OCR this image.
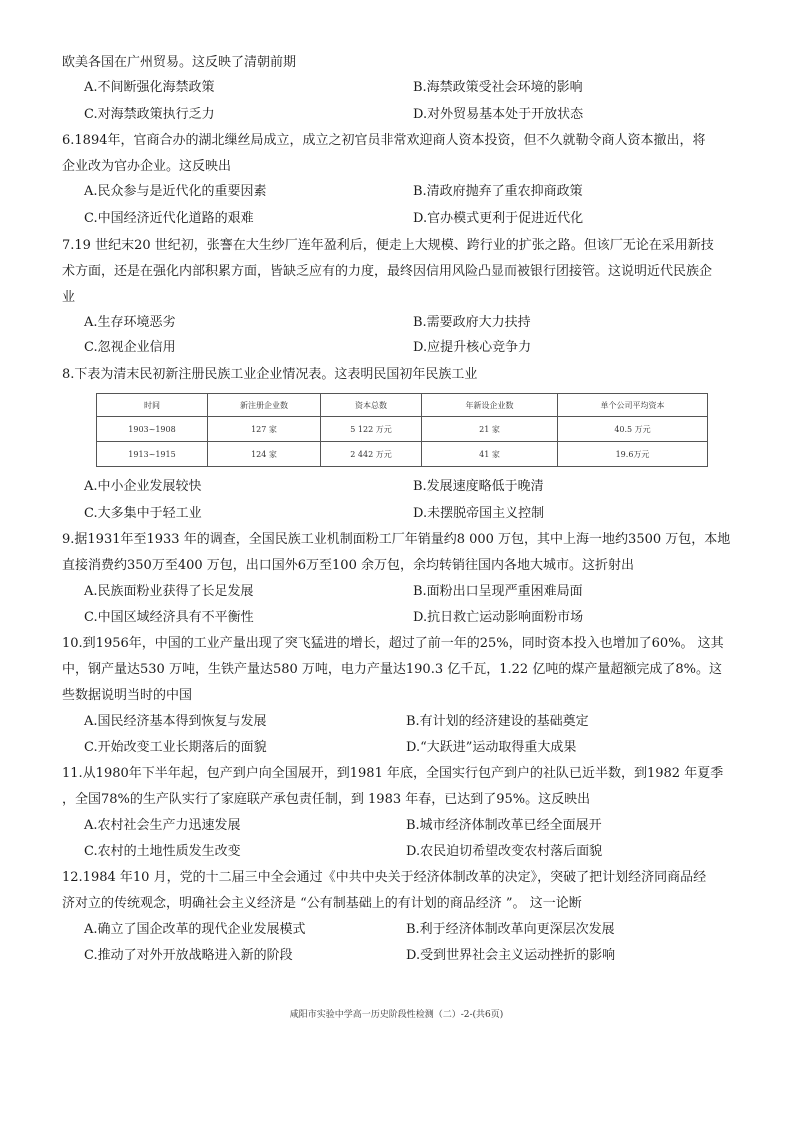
欧美各国在广州贸易。这反映了清朝前期
A.不间断强化海禁政策	B.海禁政策受社会环境的影响
C.对海禁政策执行乏力	D.对外贸易基本处于开放状态
6.1894年，官商合办的湖北缫丝局成立，成立之初官员非常欢迎商人资本投资，但不久就勒令商人资本撤出，将
企业改为官办企业。这反映出
A.民众参与是近代化的重要因素	B.清政府抛弃了重农抑商政策
C.中国经济近代化道路的艰难	D.官办模式更利于促进近代化
7.19 世纪末20 世纪初，张謇在大生纱厂连年盈利后，便走上大规模、跨行业的扩张之路。但该厂无论在采用新技
术方面，还是在强化内部积累方面，皆缺乏应有的力度，最终因信用风险凸显而被银行团接管。这说明近代民族企
业
A.生存环境恶劣	B.需要政府大力扶持
C.忽视企业信用	D.应提升核心竞争力
8.下表为清末民初新注册民族工业企业情况表。这表明民国初年民族工业
时间	新注册企业数	资本总数	年新设企业数	单个公司平均资本
1903~1908	127 家	5 122 万元	21 家	40.5 万元
1913~1915	124 家	2 442 万元	41 家	19.6万元
A.中小企业发展较快	B.发展速度略低于晚清
C.大多集中于轻工业	D.未摆脱帝国主义控制
9.据1931年至1933 年的调查，全国民族工业机制面粉工厂年销量约8 000 万包，其中上海一地约3500 万包，本地
直接消费约350万至400 万包，出口国外6万至100 余万包，余均转销往国内各地大城市。这折射出
A.民族面粉业获得了长足发展	B.面粉出口呈现严重困难局面
C.中国区域经济具有不平衡性	D.抗日救亡运动影响面粉市场
10.到1956年，中国的工业产量出现了突飞猛进的增长，超过了前一年的25%，同时资本投入也增加了60%。 这其
中，钢产量达530 万吨，生铁产量达580 万吨，电力产量达190.3 亿千瓦，1.22 亿吨的煤产量超额完成了8%。这
些数据说明当时的中国
A.国民经济基本得到恢复与发展	B.有计划的经济建设的基础奠定
C.开始改变工业长期落后的面貌	D.“大跃进”运动取得重大成果
11.从1980年下半年起，包产到户向全国展开，到1981 年底，全国实行包产到户的社队已近半数，到1982 年夏季
，全国78%的生产队实行了家庭联产承包责任制，到 1983 年春，已达到了95%。这反映出
A.农村社会生产力迅速发展	B.城市经济体制改革已经全面展开
C.农村的土地性质发生改变	D.农民迫切希望改变农村落后面貌
12.1984 年10 月，党的十二届三中全会通过《中共中央关于经济体制改革的决定》，突破了把计划经济同商品经
济对立的传统观念，明确社会主义经济是 “公有制基础上的有计划的商品经济 ”。 这一论断
A.确立了国企改革的现代企业发展模式	B.利于经济体制改革向更深层次发展
C.推动了对外开放战略进入新的阶段	D.受到世界社会主义运动挫折的影响
咸阳市实验中学高一历史阶段性检测（二）-2-(共6页)
